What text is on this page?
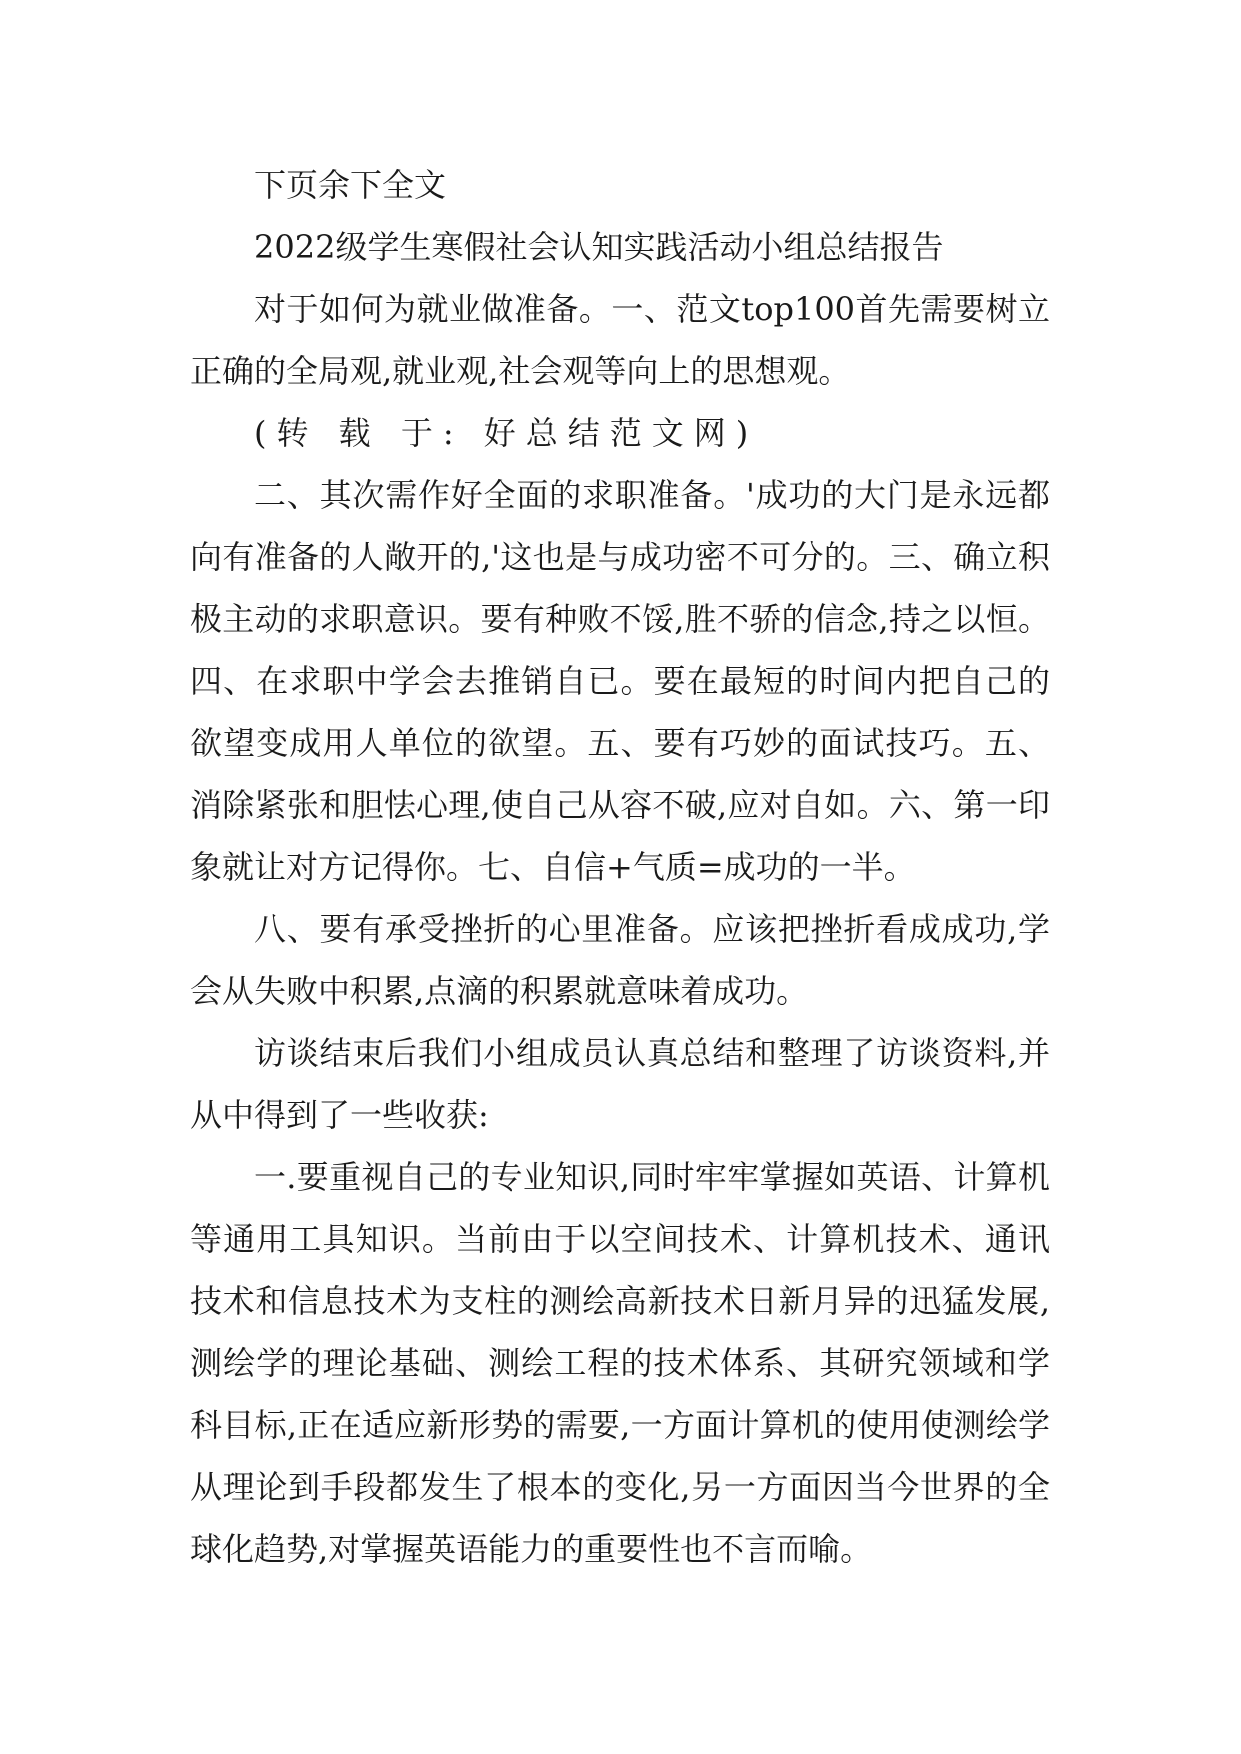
下页余下全文

2022级学生寒假社会认知实践活动小组总结报告

对于如何为就业做准备。一、范文top100首先需要树立正确的全局观,就业观,社会观等向上的思想观。

(转 载 于: 好总结范文网)

二、其次需作好全面的求职准备。'成功的大门是永远都向有准备的人敞开的,'这也是与成功密不可分的。三、确立积极主动的求职意识。要有种败不馁,胜不骄的信念,持之以恒。四、在求职中学会去推销自已。要在最短的时间内把自己的欲望变成用人单位的欲望。五、要有巧妙的面试技巧。五、消除紧张和胆怯心理,使自己从容不破,应对自如。六、第一印象就让对方记得你。七、自信+气质=成功的一半。

八、要有承受挫折的心里准备。应该把挫折看成成功,学会从失败中积累,点滴的积累就意味着成功。

访谈结束后我们小组成员认真总结和整理了访谈资料,并从中得到了一些收获:

一.要重视自己的专业知识,同时牢牢掌握如英语、计算机等通用工具知识。当前由于以空间技术、计算机技术、通讯技术和信息技术为支柱的测绘高新技术日新月异的迅猛发展,测绘学的理论基础、测绘工程的技术体系、其研究领域和学科目标,正在适应新形势的需要,一方面计算机的使用使测绘学从理论到手段都发生了根本的变化,另一方面因当今世界的全球化趋势,对掌握英语能力的重要性也不言而喻。
